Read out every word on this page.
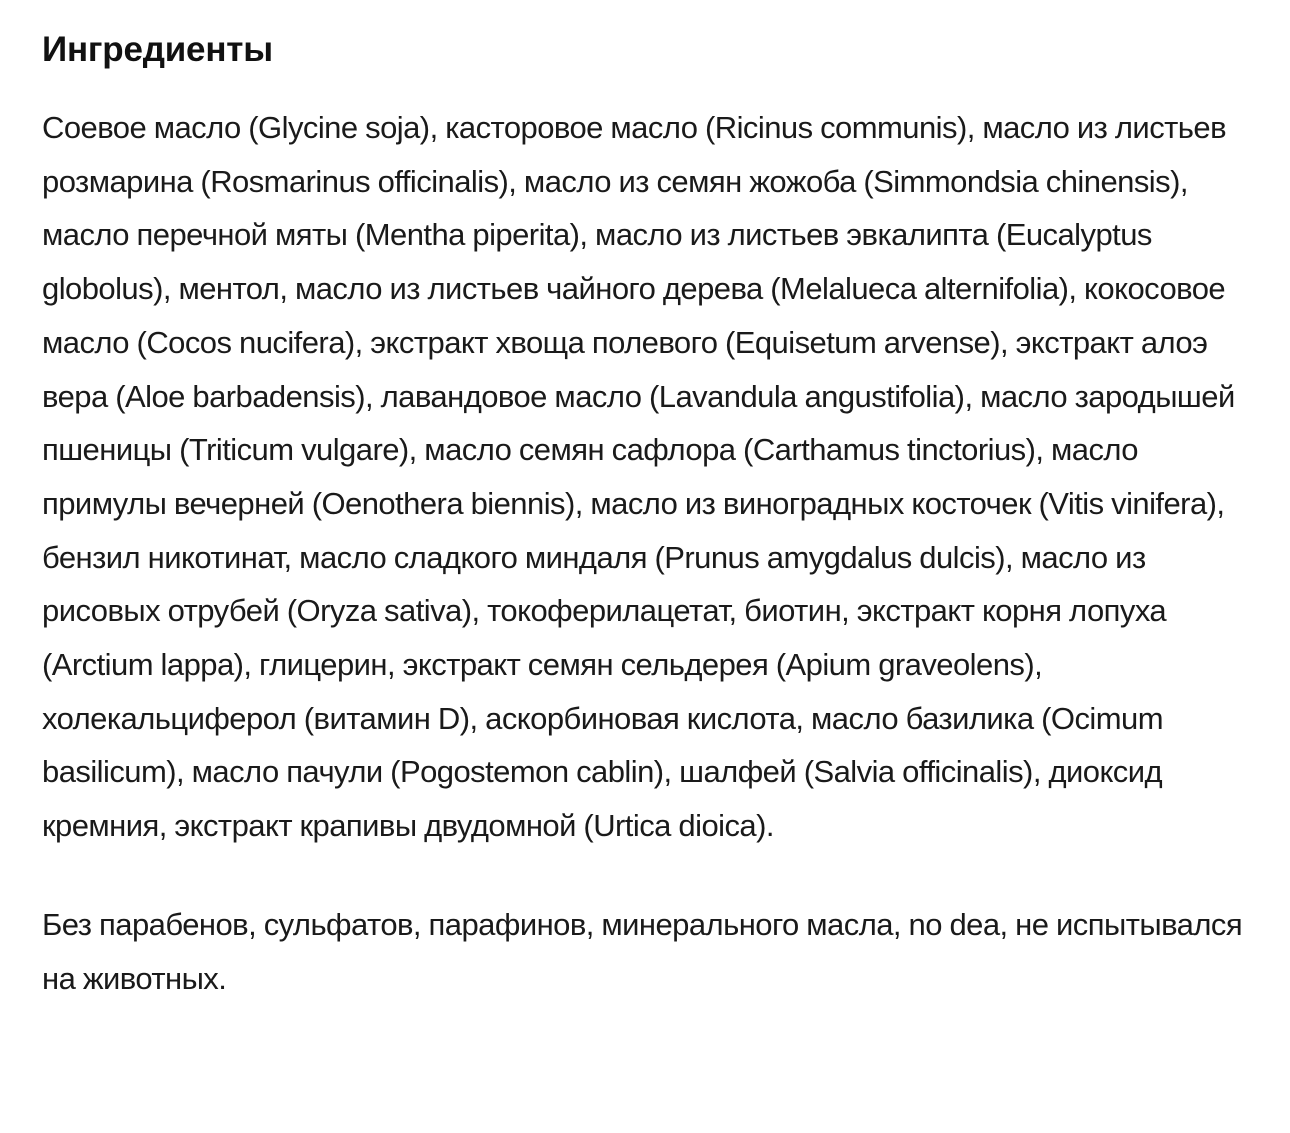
Ингредиенты

Соевое масло (Glycine soja), касторовое масло (Ricinus communis), масло из листьев розмарина (Rosmarinus officinalis), масло из семян жожоба (Simmondsia chinensis), масло перечной мяты (Mentha piperita), масло из листьев эвкалипта (Eucalyptus globolus), ментол, масло из листьев чайного дерева (Melalueca alternifolia), кокосовое масло (Cocos nucifera), экстракт хвоща полевого (Equisetum arvense), экстракт алоэ вера (Aloe barbadensis), лавандовое масло (Lavandula angustifolia), масло зародышей пшеницы (Triticum vulgare), масло семян сафлора (Carthamus tinctorius), масло примулы вечерней (Oenothera biennis), масло из виноградных косточек (Vitis vinifera), бензил никотинат, масло сладкого миндаля (Prunus amygdalus dulcis), масло из рисовых отрубей (Oryza sativa), токоферилацетат, биотин, экстракт корня лопуха (Arctium lappa), глицерин, экстракт семян сельдерея (Apium graveolens), холекальциферол (витамин D), аскорбиновая кислота, масло базилика (Ocimum basilicum), масло пачули (Pogostemon cablin), шалфей (Salvia officinalis), диоксид кремния, экстракт крапивы двудомной (Urtica dioica).

Без парабенов, сульфатов, парафинов, минерального масла, no dea, не испытывался на животных.
